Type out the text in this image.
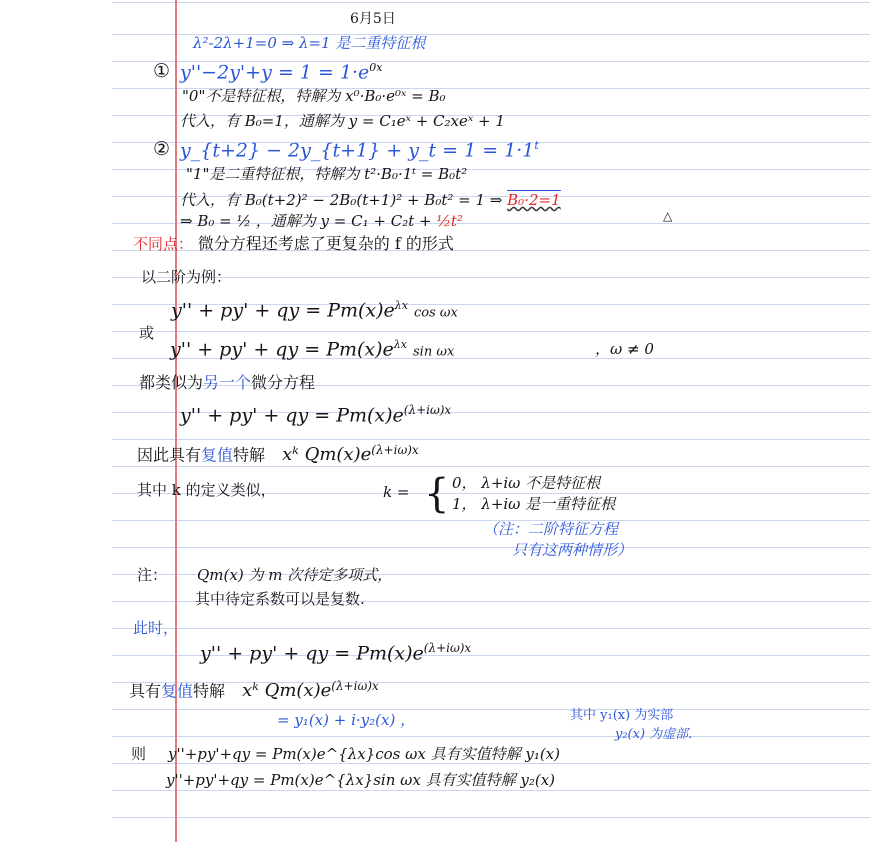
6月5日
λ²-2λ+1=0 ⇒ λ=1 是二重特征根
① $y''-2y'+y = 1 = 1\cdot e^{0x}$
"0"不是特征根，特解为 x⁰·B₀·e⁰ˣ = B₀
代入，有 B₀=1，通解为 y = C₁eˣ + C₂xeˣ + 1
② y_{t+2} − 2y_{t+1} + y_t = $1 = 1\cdot 1^t$
"1"是二重特征根，特解为 t²·B₀·1ᵗ = B₀t²
代入，有 B₀(t+2)² − 2B₀(t+1)² + B₀t² = 1 ⇒ B₀·2=1
△
⇒ B₀ = ½ ，通解为 y = C₁ + C₂t + ½t²
不同点： 微分方程还考虑了更复杂的 f 的形式
以二阶为例：
y'' + py' + qy = $Pm(x)e^{\lambda x}$ cos ωx
或
y'' + py' + qy = $Pm(x)e^{\lambda x}$ sin ωx	，ω ≠ 0
都类似为另一个微分方程
y'' + py' + qy = $Pm(x)e^{(\lambda+i\omega)x}$
因此具有复值特解 xᵏ $Qm(x)e^{(\lambda+i\omega)x}$
其中 k 的定义类似，	k = { 0， λ+iω 不是特征根
1， λ+iω 是一重特征根
（注：二阶特征方程
只有这两种情形）
注： Qm(x) 为 m 次待定多项式，
其中待定系数可以是复数.
此时，
y'' + py' + qy = $Pm(x)e^{(\lambda+i\omega)x}$
具有复值特解 xᵏ $Qm(x)e^{(\lambda+i\omega)x}$
= y₁(x) + i·y₂(x) ，	其中 y₁(x) 为实部
y₂(x) 为虚部.
则 y''+py'+qy = Pm(x)e^{λx}cos ωx 具有实值特解 y₁(x)
y''+py'+qy = Pm(x)e^{λx}sin ωx 具有实值特解 y₂(x)
